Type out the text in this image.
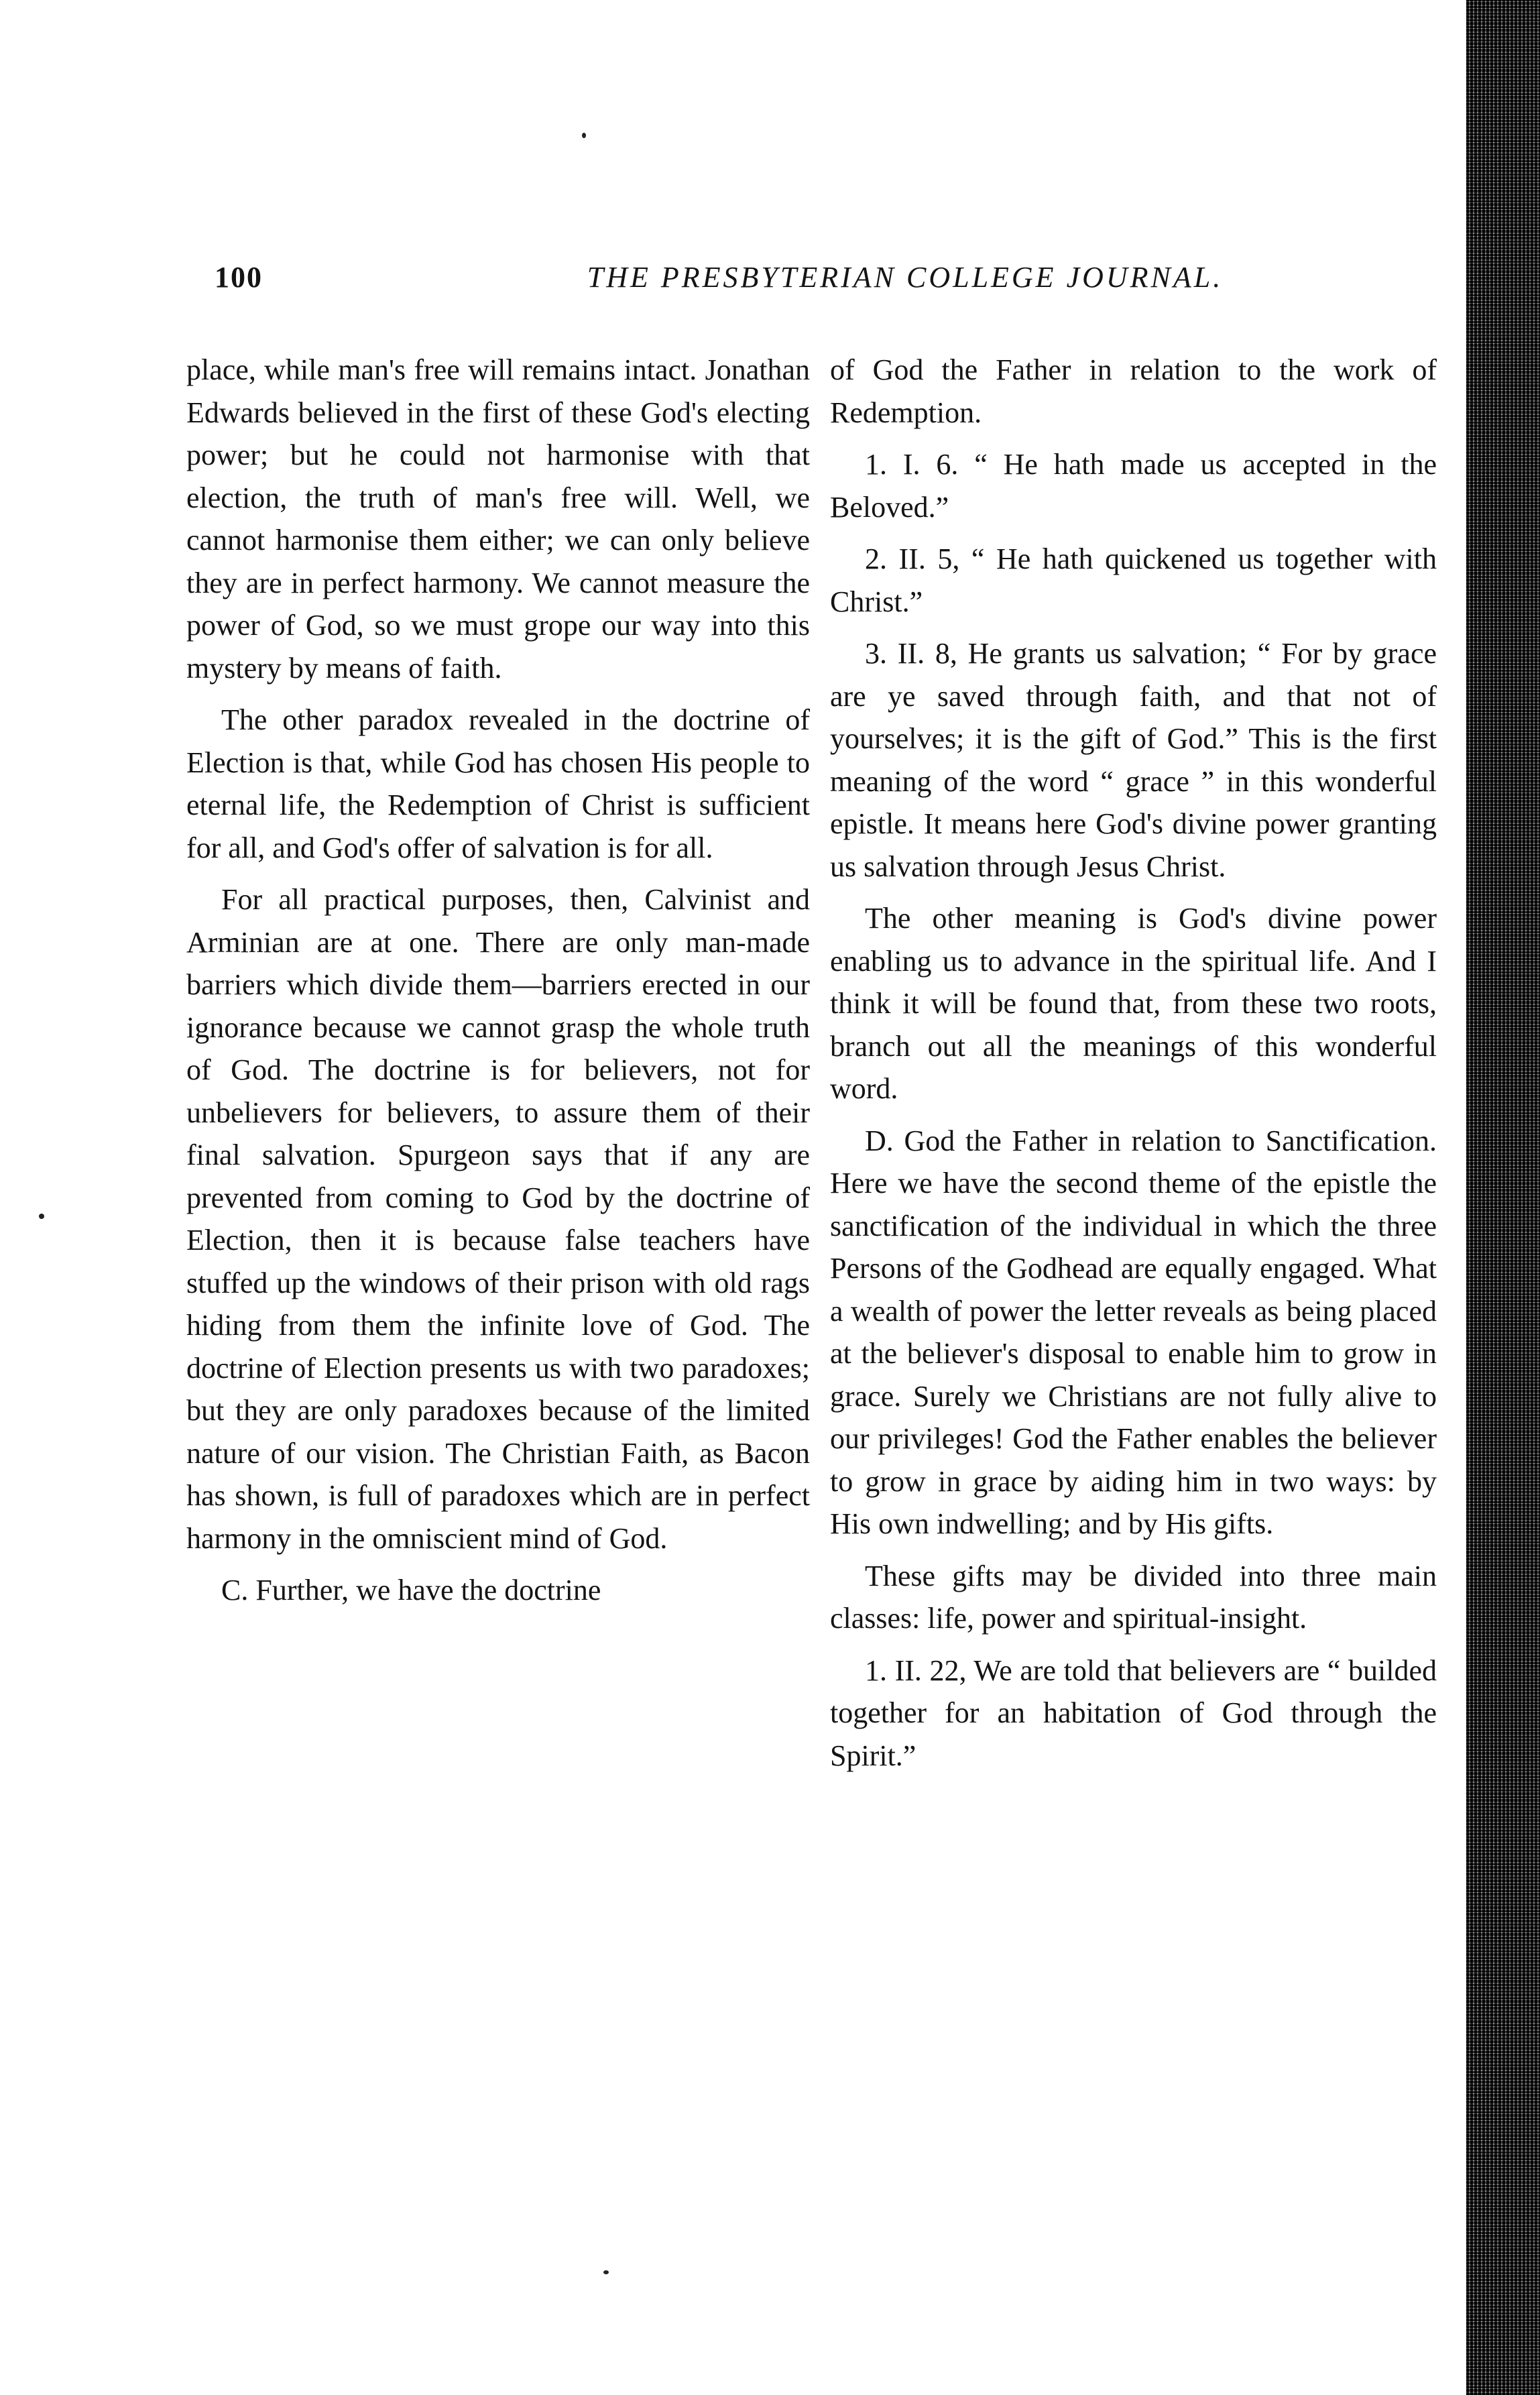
100	THE PRESBYTERIAN COLLEGE JOURNAL.

place, while man's free will remains intact. Jonathan Edwards believed in the first of these God's electing power; but he could not harmonise with that election, the truth of man's free will. Well, we cannot harmonise them either; we can only believe they are in perfect harmony. We cannot measure the power of God, so we must grope our way into this mystery by means of faith.

The other paradox revealed in the doctrine of Election is that, while God has chosen His people to eternal life, the Redemption of Christ is sufficient for all, and God's offer of salvation is for all.

For all practical purposes, then, Calvinist and Arminian are at one. There are only man-made barriers which divide them—barriers erected in our ignorance because we cannot grasp the whole truth of God. The doctrine is for believers, not for unbelievers for believers, to assure them of their final salvation. Spurgeon says that if any are prevented from coming to God by the doctrine of Election, then it is because false teachers have stuffed up the windows of their prison with old rags hiding from them the infinite love of God. The doctrine of Election presents us with two paradoxes; but they are only paradoxes because of the limited nature of our vision. The Christian Faith, as Bacon has shown, is full of paradoxes which are in perfect harmony in the omniscient mind of God.

C. Further, we have the doctrine

of God the Father in relation to the work of Redemption.

1. I. 6. “ He hath made us accepted in the Beloved.”

2. II. 5, “ He hath quickened us together with Christ.”

3. II. 8, He grants us salvation; “ For by grace are ye saved through faith, and that not of yourselves; it is the gift of God.” This is the first meaning of the word “ grace ” in this wonderful epistle. It means here God's divine power granting us salvation through Jesus Christ.

The other meaning is God's divine power enabling us to advance in the spiritual life. And I think it will be found that, from these two roots, branch out all the meanings of this wonderful word.

D. God the Father in relation to Sanctification. Here we have the second theme of the epistle the sanctification of the individual in which the three Persons of the Godhead are equally engaged. What a wealth of power the letter reveals as being placed at the believer's disposal to enable him to grow in grace. Surely we Christians are not fully alive to our privileges! God the Father enables the believer to grow in grace by aiding him in two ways: by His own indwelling; and by His gifts.

These gifts may be divided into three main classes: life, power and spiritual-insight.

1. II. 22, We are told that believers are “ builded together for an habitation of God through the Spirit.”
